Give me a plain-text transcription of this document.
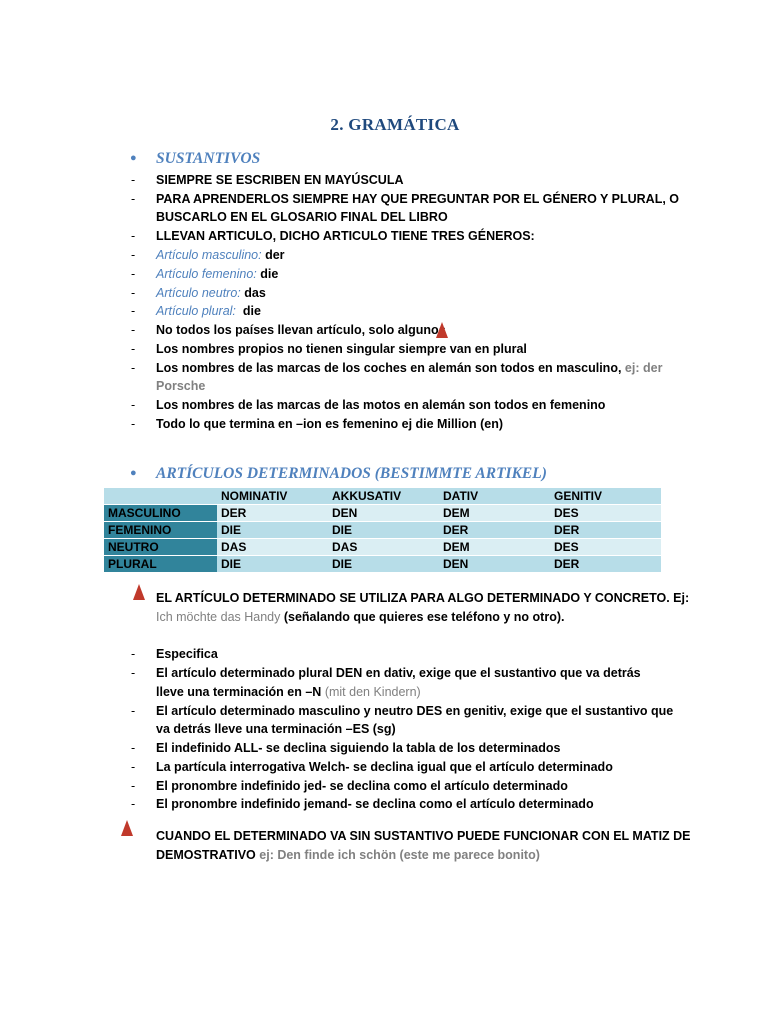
2. GRAMÁTICA
● SUSTANTIVOS
- SIEMPRE SE ESCRIBEN EN MAYÚSCULA
- PARA APRENDERLOS SIEMPRE HAY QUE PREGUNTAR POR EL GÉNERO Y PLURAL, O
BUSCARLO EN EL GLOSARIO FINAL DEL LIBRO
- LLEVAN ARTICULO, DICHO ARTICULO TIENE TRES GÉNEROS:
- Artículo masculino: der
- Artículo femenino: die
- Artículo neutro: das
- Artículo plural: die
- No todos los países llevan artículo, solo algunos
- Los nombres propios no tienen singular siempre van en plural
- Los nombres de las marcas de los coches en alemán son todos en masculino, ej: der
Porsche
- Los nombres de las marcas de las motos en alemán son todos en femenino
- Todo lo que termina en –ion es femenino ej die Million (en)
● ARTÍCULOS DETERMINADOS (BESTIMMTE ARTIKEL)
	NOMINATIV	AKKUSATIV	DATIV	GENITIV
MASCULINO	DER	DEN	DEM	DES
FEMENINO	DIE	DIE	DER	DER
NEUTRO	DAS	DAS	DEM	DES
PLURAL	DIE	DIE	DEN	DER
EL ARTÍCULO DETERMINADO SE UTILIZA PARA ALGO DETERMINADO Y CONCRETO. Ej:
Ich möchte das Handy (señalando que quieres ese teléfono y no otro).
- Especifica
- El artículo determinado plural DEN en dativ, exige que el sustantivo que va detrás
lleve una terminación en –N (mit den Kindern)
- El artículo determinado masculino y neutro DES en genitiv, exige que el sustantivo que
va detrás lleve una terminación –ES (sg)
- El indefinido ALL- se declina siguiendo la tabla de los determinados
- La partícula interrogativa Welch- se declina igual que el artículo determinado
- El pronombre indefinido jed- se declina como el artículo determinado
- El pronombre indefinido jemand- se declina como el artículo determinado
CUANDO EL DETERMINADO VA SIN SUSTANTIVO PUEDE FUNCIONAR CON EL MATIZ DE
DEMOSTRATIVO ej: Den finde ich schön (este me parece bonito)
